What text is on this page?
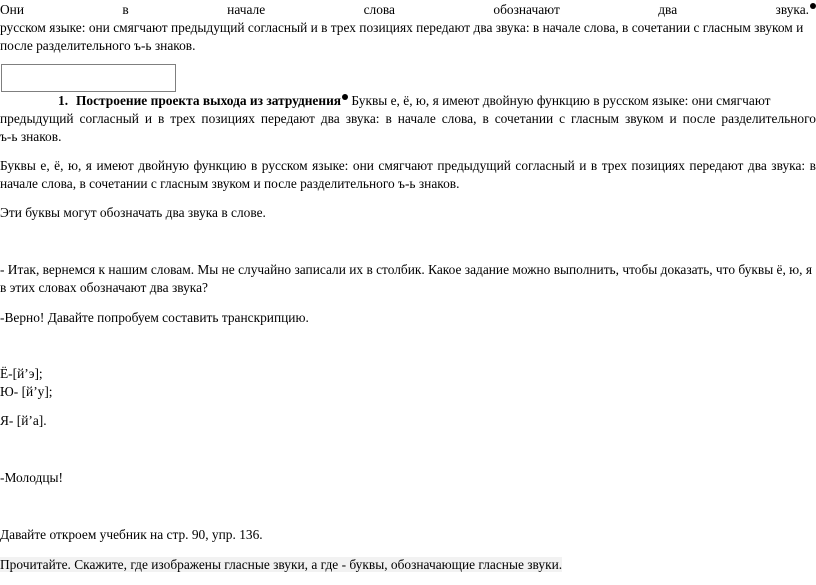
Они	в	начале	слова	обозначают	два	звука.
русском языке: они смягчают предыдущий согласный и в трех позициях передают два звука: в начале слова, в сочетании с гласным звуком и
после разделительного ъ-ь знаков.
1. Построение проекта выхода из затруднения Буквы е, ё, ю, я имеют двойную функцию в русском языке: они смягчают
предыдущий согласный и в трех позициях передают два звука: в начале слова, в сочетании с гласным звуком и после разделительного
ъ-ь знаков.
Буквы е, ё, ю, я имеют двойную функцию в русском языке: они смягчают предыдущий согласный и в трех позициях передают два звука: в
начале слова, в сочетании с гласным звуком и после разделительного ъ-ь знаков.
Эти буквы могут обозначать два звука в слове.
- Итак, вернемся к нашим словам. Мы не случайно записали их в столбик. Какое задание можно выполнить, чтобы доказать, что буквы ё, ю, я
в этих словах обозначают два звука?
-Верно! Давайте попробуем составить транскрипцию.
Ё-[й’э];
Ю- [й’у];
Я- [й’а].
-Молодцы!
Давайте откроем учебник на стр. 90, упр. 136.
Прочитайте. Скажите, где изображены гласные звуки, а где - буквы, обозначающие гласные звуки.
